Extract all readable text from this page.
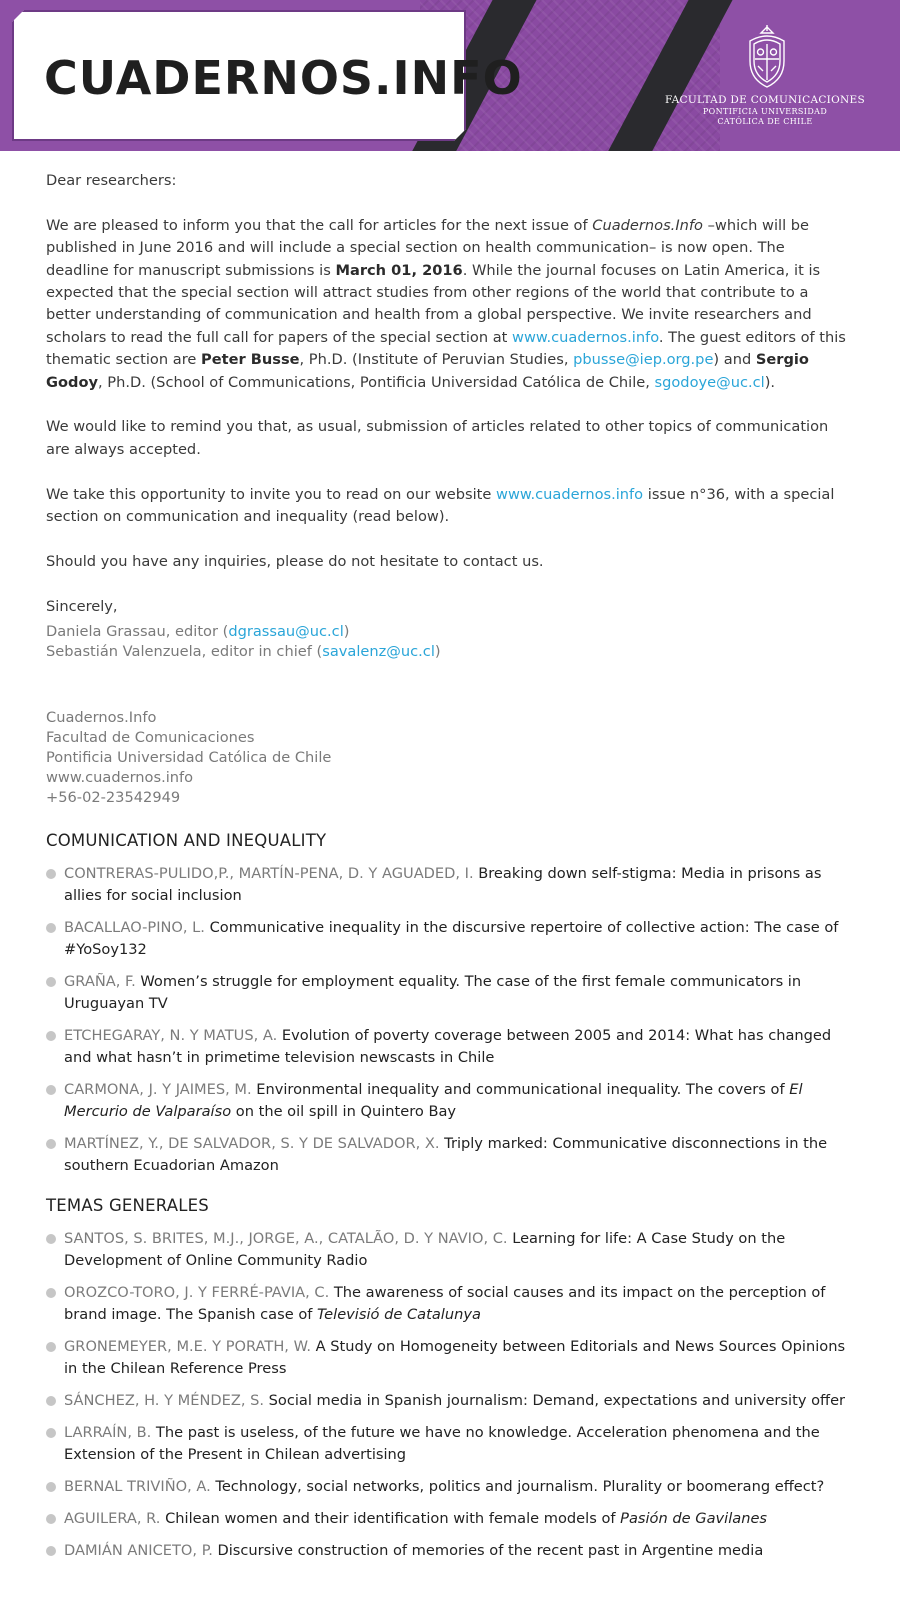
CUADERNOS.INFO	FACULTAD DE COMUNICACIONES
PONTIFICIA UNIVERSIDAD
CATÓLICA DE CHILE

Dear researchers:

We are pleased to inform you that the call for articles for the next issue of Cuadernos.Info –which will be published in June 2016 and will include a special section on health communication– is now open. The deadline for manuscript submissions is March 01, 2016. While the journal focuses on Latin America, it is expected that the special section will attract studies from other regions of the world that contribute to a better understanding of communication and health from a global perspective. We invite researchers and scholars to read the full call for papers of the special section at www.cuadernos.info. The guest editors of this thematic section are Peter Busse, Ph.D. (Institute of Peruvian Studies, pbusse@iep.org.pe) and Sergio Godoy, Ph.D. (School of Communications, Pontificia Universidad Católica de Chile, sgodoye@uc.cl).

We would like to remind you that, as usual, submission of articles related to other topics of communication are always accepted.

We take this opportunity to invite you to read on our website www.cuadernos.info issue n°36, with a special section on communication and inequality (read below).

Should you have any inquiries, please do not hesitate to contact us.

Sincerely,

Daniela Grassau, editor (dgrassau@uc.cl)
Sebastián Valenzuela, editor in chief (savalenz@uc.cl)
Cuadernos.Info
Facultad de Comunicaciones
Pontificia Universidad Católica de Chile
www.cuadernos.info
+56-02-23542949
COMUNICATION AND INEQUALITY
CONTRERAS-PULIDO,P., MARTÍN-PENA, D. Y AGUADED, I. Breaking down self-stigma: Media in prisons as allies for social inclusion
BACALLAO-PINO, L. Communicative inequality in the discursive repertoire of collective action: The case of #YoSoy132
GRAÑA, F. Women’s struggle for employment equality. The case of the first female communicators in Uruguayan TV
ETCHEGARAY, N. Y MATUS, A. Evolution of poverty coverage between 2005 and 2014: What has changed and what hasn’t in primetime television newscasts in Chile
CARMONA, J. Y JAIMES, M. Environmental inequality and communicational inequality. The covers of El Mercurio de Valparaíso on the oil spill in Quintero Bay
MARTÍNEZ, Y., DE SALVADOR, S. Y DE SALVADOR, X. Triply marked: Communicative disconnections in the southern Ecuadorian Amazon
TEMAS GENERALES
SANTOS, S. BRITES, M.J., JORGE, A., CATALÃO, D. Y NAVIO, C. Learning for life: A Case Study on the Development of Online Community Radio
OROZCO-TORO, J. Y FERRÉ-PAVIA, C. The awareness of social causes and its impact on the perception of brand image. The Spanish case of Televisió de Catalunya
GRONEMEYER, M.E. Y PORATH, W. A Study on Homogeneity between Editorials and News Sources Opinions in the Chilean Reference Press
SÁNCHEZ, H. Y MÉNDEZ, S. Social media in Spanish journalism: Demand, expectations and university offer
LARRAÍN, B. The past is useless, of the future we have no knowledge. Acceleration phenomena and the Extension of the Present in Chilean advertising
BERNAL TRIVIÑO, A. Technology, social networks, politics and journalism. Plurality or boomerang effect?
AGUILERA, R. Chilean women and their identification with female models of Pasión de Gavilanes
DAMIÁN ANICETO, P. Discursive construction of memories of the recent past in Argentine media
